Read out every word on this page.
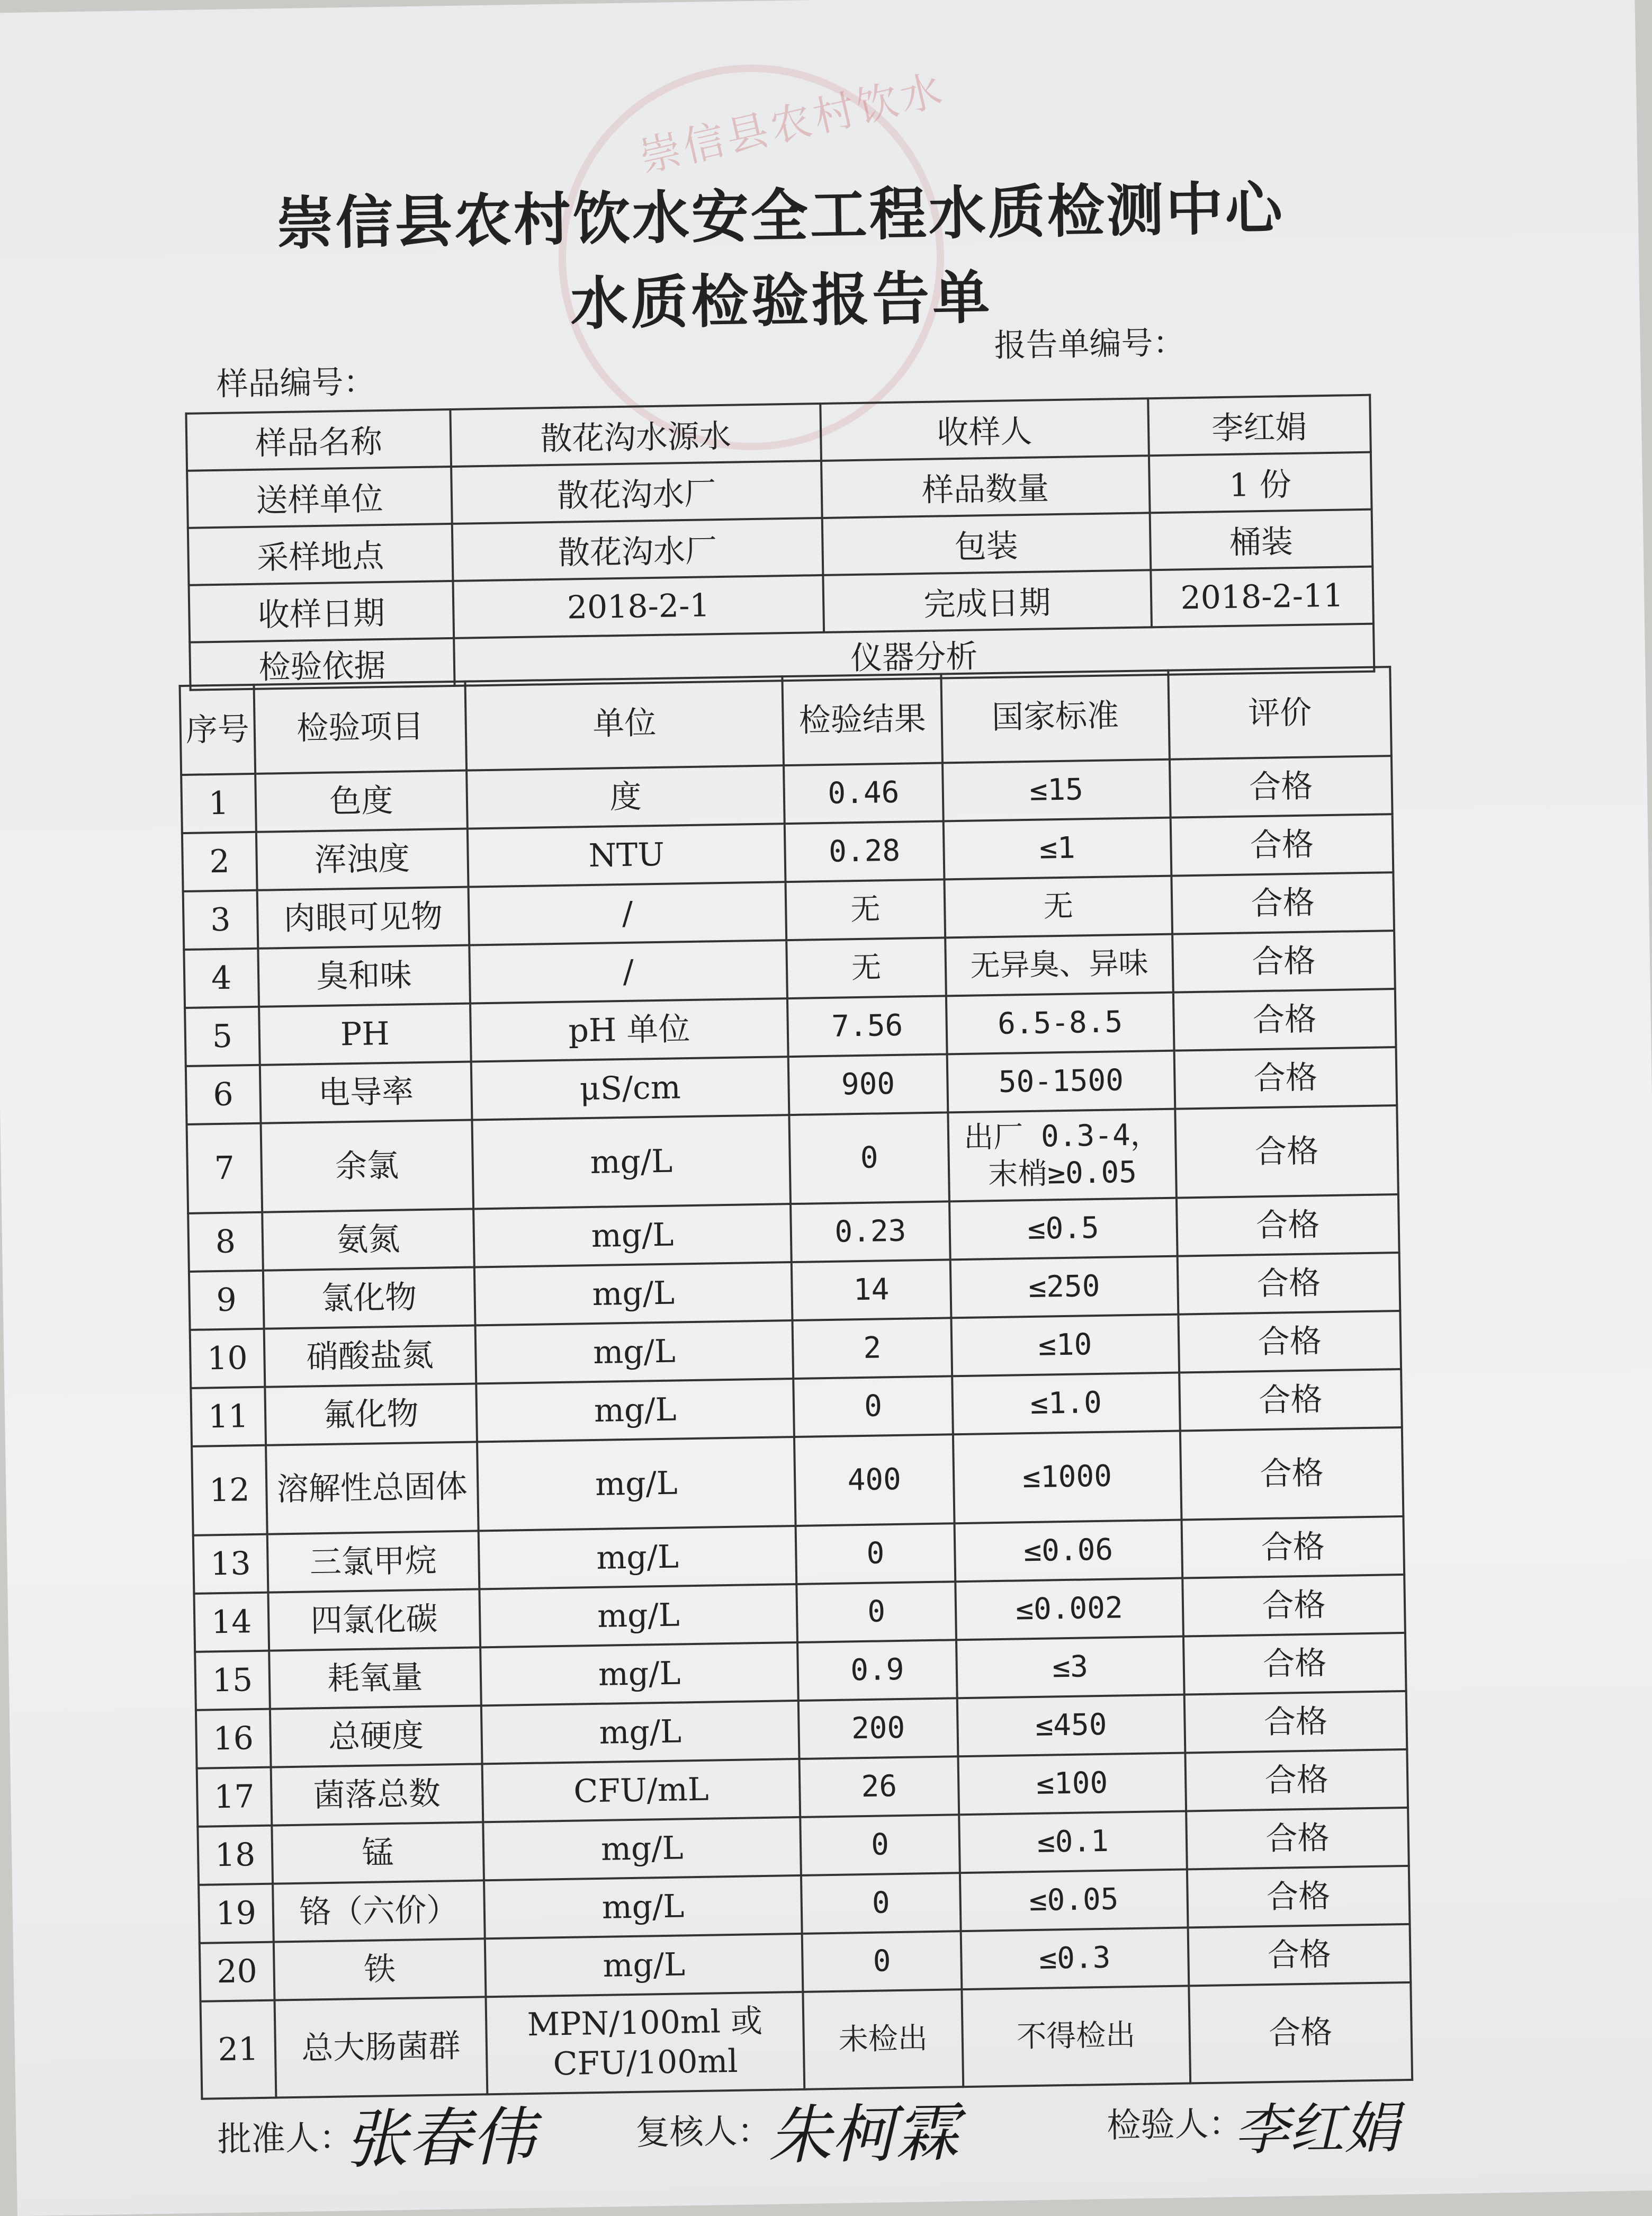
崇信县农村饮水
崇信县农村饮水安全工程水质检测中心
水质检验报告单
报告单编号：
样品编号：
样品名称	散花沟水源水	收样人	李红娟
送样单位	散花沟水厂	样品数量	1 份
采样地点	散花沟水厂	包装	桶装
收样日期	2018-2-1	完成日期	2018-2-11
检验依据	仪器分析		
序号	检验项目	单位	检验结果	国家标准	评价
1	色度	度	0.46	≤15	合格
2	浑浊度	NTU	0.28	≤1	合格
3	肉眼可见物	/	无	无	合格
4	臭和味	/	无	无异臭、异味	合格
5	PH	pH 单位	7.56	6.5-8.5	合格
6	电导率	μS/cm	900	50-1500	合格
7	余氯	mg/L	0	出厂 0.3-4，末梢≥0.05	合格
8	氨氮	mg/L	0.23	≤0.5	合格
9	氯化物	mg/L	14	≤250	合格
10	硝酸盐氮	mg/L	2	≤10	合格
11	氟化物	mg/L	0	≤1.0	合格
12	溶解性总固体	mg/L	400	≤1000	合格
13	三氯甲烷	mg/L	0	≤0.06	合格
14	四氯化碳	mg/L	0	≤0.002	合格
15	耗氧量	mg/L	0.9	≤3	合格
16	总硬度	mg/L	200	≤450	合格
17	菌落总数	CFU/mL	26	≤100	合格
18	锰	mg/L	0	≤0.1	合格
19	铬（六价）	mg/L	0	≤0.05	合格
20	铁	mg/L	0	≤0.3	合格
21	总大肠菌群	MPN/100ml 或 CFU/100ml	未检出	不得检出	合格
批准人：
张春伟	复核人：
朱柯霖	检验人：
李红娟
